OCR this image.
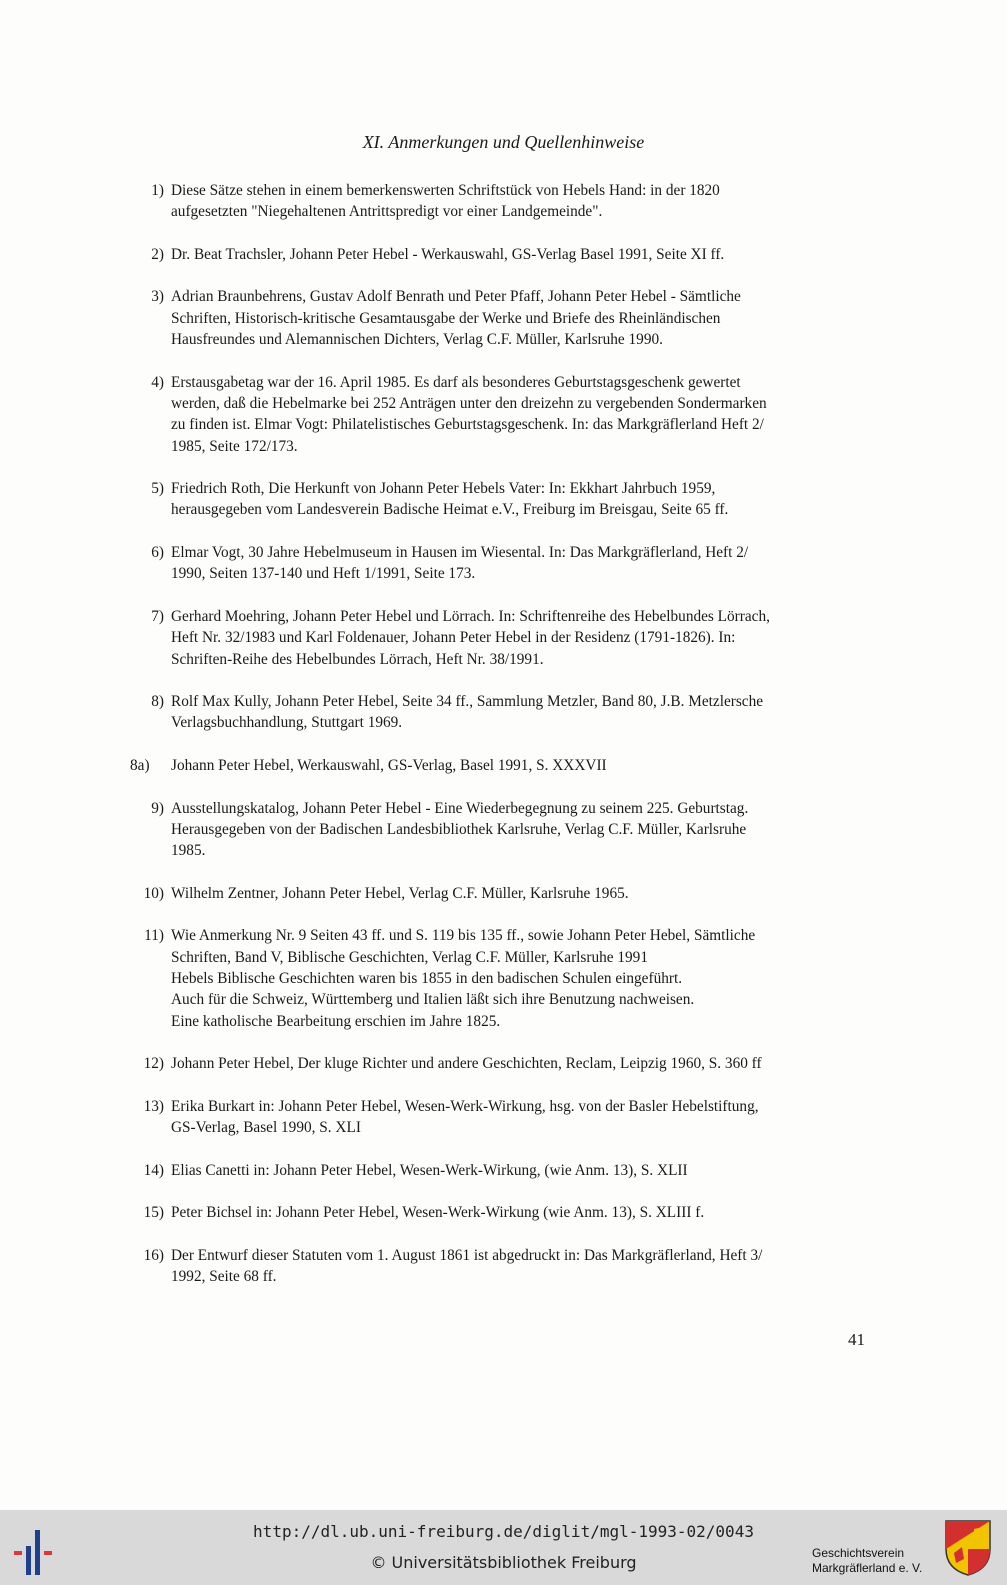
XI. Anmerkungen und Quellenhinweise
1) Diese Sätze stehen in einem bemerkenswerten Schriftstück von Hebels Hand: in der 1820
aufgesetzten "Niegehaltenen Antrittspredigt vor einer Landgemeinde".
2) Dr. Beat Trachsler, Johann Peter Hebel - Werkauswahl, GS-Verlag Basel 1991, Seite XI ff.
3) Adrian Braunbehrens, Gustav Adolf Benrath und Peter Pfaff, Johann Peter Hebel - Sämtliche
Schriften, Historisch-kritische Gesamtausgabe der Werke und Briefe des Rheinländischen
Hausfreundes und Alemannischen Dichters, Verlag C.F. Müller, Karlsruhe 1990.
4) Erstausgabetag war der 16. April 1985. Es darf als besonderes Geburtstagsgeschenk gewertet
werden, daß die Hebelmarke bei 252 Anträgen unter den dreizehn zu vergebenden Sondermarken
zu finden ist. Elmar Vogt: Philatelistisches Geburtstagsgeschenk. In: das Markgräflerland Heft 2/
1985, Seite 172/173.
5) Friedrich Roth, Die Herkunft von Johann Peter Hebels Vater: In: Ekkhart Jahrbuch 1959,
herausgegeben vom Landesverein Badische Heimat e.V., Freiburg im Breisgau, Seite 65 ff.
6) Elmar Vogt, 30 Jahre Hebelmuseum in Hausen im Wiesental. In: Das Markgräflerland, Heft 2/
1990, Seiten 137-140 und Heft 1/1991, Seite 173.
7) Gerhard Moehring, Johann Peter Hebel und Lörrach. In: Schriftenreihe des Hebelbundes Lörrach,
Heft Nr. 32/1983 und Karl Foldenauer, Johann Peter Hebel in der Residenz (1791-1826). In:
Schriften-Reihe des Hebelbundes Lörrach, Heft Nr. 38/1991.
8) Rolf Max Kully, Johann Peter Hebel, Seite 34 ff., Sammlung Metzler, Band 80, J.B. Metzlersche
Verlagsbuchhandlung, Stuttgart 1969.
8a)	Johann Peter Hebel, Werkauswahl, GS-Verlag, Basel 1991, S. XXXVII
9) Ausstellungskatalog, Johann Peter Hebel - Eine Wiederbegegnung zu seinem 225. Geburtstag.
Herausgegeben von der Badischen Landesbibliothek Karlsruhe, Verlag C.F. Müller, Karlsruhe
1985.
10) Wilhelm Zentner, Johann Peter Hebel, Verlag C.F. Müller, Karlsruhe 1965.
11) Wie Anmerkung Nr. 9 Seiten 43 ff. und S. 119 bis 135 ff., sowie Johann Peter Hebel, Sämtliche
Schriften, Band V, Biblische Geschichten, Verlag C.F. Müller, Karlsruhe 1991
Hebels Biblische Geschichten waren bis 1855 in den badischen Schulen eingeführt.
Auch für die Schweiz, Württemberg und Italien läßt sich ihre Benutzung nachweisen.
Eine katholische Bearbeitung erschien im Jahre 1825.
12) Johann Peter Hebel, Der kluge Richter und andere Geschichten, Reclam, Leipzig 1960, S. 360 ff
13) Erika Burkart in: Johann Peter Hebel, Wesen-Werk-Wirkung, hsg. von der Basler Hebelstiftung,
GS-Verlag, Basel 1990, S. XLI
14) Elias Canetti in: Johann Peter Hebel, Wesen-Werk-Wirkung, (wie Anm. 13), S. XLII
15) Peter Bichsel in: Johann Peter Hebel, Wesen-Werk-Wirkung (wie Anm. 13), S. XLIII f.
16) Der Entwurf dieser Statuten vom 1. August 1861 ist abgedruckt in: Das Markgräflerland, Heft 3/
1992, Seite 68 ff.
41
http://dl.ub.uni-freiburg.de/diglit/mgl-1993-02/0043
© Universitätsbibliothek Freiburg	Geschichtsverein
Markgräflerland e. V.
